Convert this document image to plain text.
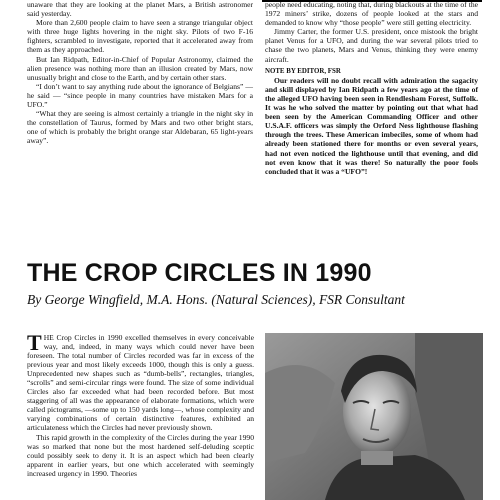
unaware that they are looking at the planet Mars, a British astronomer said yesterday.

More than 2,600 people claim to have seen a strange triangular object with three huge lights hovering in the night sky. Pilots of two F-16 fighters, scrambled to investigate, reported that it accelerated away from them as they approached.

But Ian Ridpath, Editor-in-Chief of Popular Astronomy, claimed the alien presence was nothing more than an illusion created by Mars, now unusually bright and close to the Earth, and by certain other stars.

“I don’t want to say anything rude about the ignorance of Belgians” — he said — “since people in many countries have mistaken Mars for a UFO.”

“What they are seeing is almost certainly a triangle in the night sky in the constellation of Taurus, formed by Mars and two other bright stars, one of which is probably the bright orange star Aldebaran, 65 light-years away”.

people need educating, noting that, during blackouts at the time of the 1972 miners’ strike, dozens of people looked at the stars and demanded to know why “those people” were still getting electricity.

Jimmy Carter, the former U.S. president, once mistook the bright planet Venus for a UFO, and during the war several pilots tried to chase the two planets, Mars and Venus, thinking they were enemy aircraft.

NOTE BY EDITOR, FSR

Our readers will no doubt recall with admiration the sagacity and skill displayed by Ian Ridpath a few years ago at the time of the alleged UFO having been seen in Rendlesham Forest, Suffolk. It was he who solved the matter by pointing out that what had been seen by the American Commanding Officer and other U.S.A.F. officers was simply the Orford Ness lighthouse flashing through the trees. These American imbeciles, some of whom had already been stationed there for months or even several years, had not even noticed the lighthouse until that evening, and did not even know that it was there! So naturally the poor fools concluded that it was a “UFO”!

THE CROP CIRCLES IN 1990

By George Wingfield, M.A. Hons. (Natural Sciences), FSR Consultant

THE Crop Circles in 1990 excelled themselves in every conceivable way, and, indeed, in many ways which could never have been foreseen. The total number of Circles recorded was far in excess of the previous year and most likely exceeds 1000, though this is only a guess. Unprecedented new shapes such as “dumb-bells”, rectangles, triangles, “scrolls” and semi-circular rings were found. The size of some individual Circles also far exceeded what had been recorded before. But most staggering of all was the appearance of elaborate formations, which were called pictograms, —some up to 150 yards long—, whose complexity and varying combinations of certain distinctive features, exhibited an articulateness which the Circles had never previously shown.

This rapid growth in the complexity of the Circles during the year 1990 was so marked that none but the most hardened self-deluding sceptic could possibly seek to deny it. It is an aspect which had been clearly apparent in earlier years, but one which accelerated with seemingly increased urgency in 1990. Theories
